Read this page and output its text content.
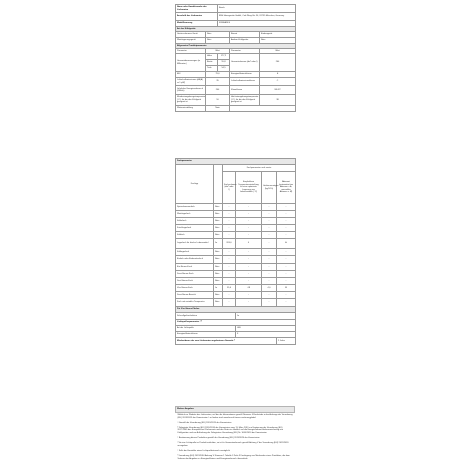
Name oder Handelsmarke des Lieferanten		Bosch		
Anschrift des Lieferanten		BSH Hausgeräte GmbH, Carl-Wery-Str. 34, 81739 München, Germany		
Modellkennung		KIS86ADF0		
Art des Kühlgeräts				
Geräuscharmes Gerät	Nein		Bauart	Einbaugerät
Weinlagerungsgerät	Nein		Andere Kühlgeräte	Nein
Allgemeine Produktparameter				
Parameter	Wert		Parameter	Wert
Gesamtabmessungen (in Millimeter)	Höhe	177,2	Gesamtvolumen (dm³ oder l)	264
	Breite	55,8		
	Tiefe	54,5		
EEI	79,6		Energieeffizienzklasse	E
Luftschallemissionen (dB(A) re 1 pW)	35		Luftschallemissionsklasse	C
Jährlicher Energieverbrauch (kWh/a)	244		Klimaklasse	SN-ST
Mindestumgebungstemperatur (°C), für die das Kühlgerät geeignet ist	10		Höchstumgebungstemperatur (°C), für die das Kühlgerät geeignet ist	38
Wintereinstellung	Nein			
Fachparameter					
Fachtyp		Fachparameter und -werte			
		Fachvolumen (dm³ oder l)	Empfohlene Temperatureinstellung für eine optimierte Lagerung von Lebensmitteln (°C)	Gefriervermögen (kg/24 h)	Abtauart (automatisches Abtauen = A, manuelles Abtauen = M)
Speisekammerfach	Nein	-	-	-	-
Weinlagerfach	Nein	-	-	-	-
Kellerfach	Nein	-	-	-	-
Frischlagerfach	Nein	-	-	-	-
Kaltfach	Nein	-	-	-	-
Lagerfach für frische Lebensmittel	Ja	209,0	4	-	A
Kaltlagerfach	Nein	-	-	-	-
Eisfach oder Eisbereiterfach	Nein	-	-	-	-
Ein-Sterne-Fach	Nein	-	-	-	-
Zwei-Sterne-Fach	Nein	-	-	-	-
Drei-Sterne-Fach	Nein	-	-	-	-
Vier-Sterne-Fach	Ja	55,0	-18	4,0	M
Zwei-Sterne-Bereich	Nein	-	-	-	-
Fach mit variabler Temperatur	Nein	-	-	-	-
Für Vier-Sterne-Fächer					
Schnellgefrierfunktion			Ja		
Lichtquellenparameter ᵃ ᵇ					
Art der Lichtquelle			LED		
Energieeffizienzklasse			F		
Mindestdauer der vom Lieferanten angebotenen Garantie ᵇ					2 Jahre
Weitere Angaben

Weblink zur Website des Lieferanten, auf der die Informationen gemäß Nummer 4 Buchstabe a des Anhangs der Verordnung (EU) 2019/2019 der Kommission ᵃ zu finden sind: www.bosch-home.com/energylabel

ᵃ Gemäß der Verordnung (EU) 2019/2019 der Kommission

ᵇ Delegierte Verordnung (EU) 2019/2016 der Kommission vom 11. März 2019 zur Ergänzung der Verordnung (EU) 2017/1369 des Europäischen Parlaments und des Rates im Hinblick auf die Energieverbrauchskennzeichnung von Kühlgeräten und zur Aufhebung der Delegierten Verordnung (EU) Nr. 1060/2010 der Kommission

ᶜ Bestimmung dieses Produktes gemäß der Verordnung (EU) 2019/2020 der Kommission

ᵈ Ist eine Lichtquelle im Produkt enthalten, so ist ihr Gesamtverbrauch gemäß Anhang V der Verordnung (EU) 2019/2020 anzugeben

ᵉ Falls der Hersteller einen Lichtquellentausch ermöglicht

ᶠ Verordnung (EU) 2019/2016 Anhang V Nummer 1 Tabelle 3 Zeile 3 Festlegung von Merkmalen eines Produktes, die dem Verbraucher Angaben zu Energieeffizienz und Energieverbrauch übermitteln
